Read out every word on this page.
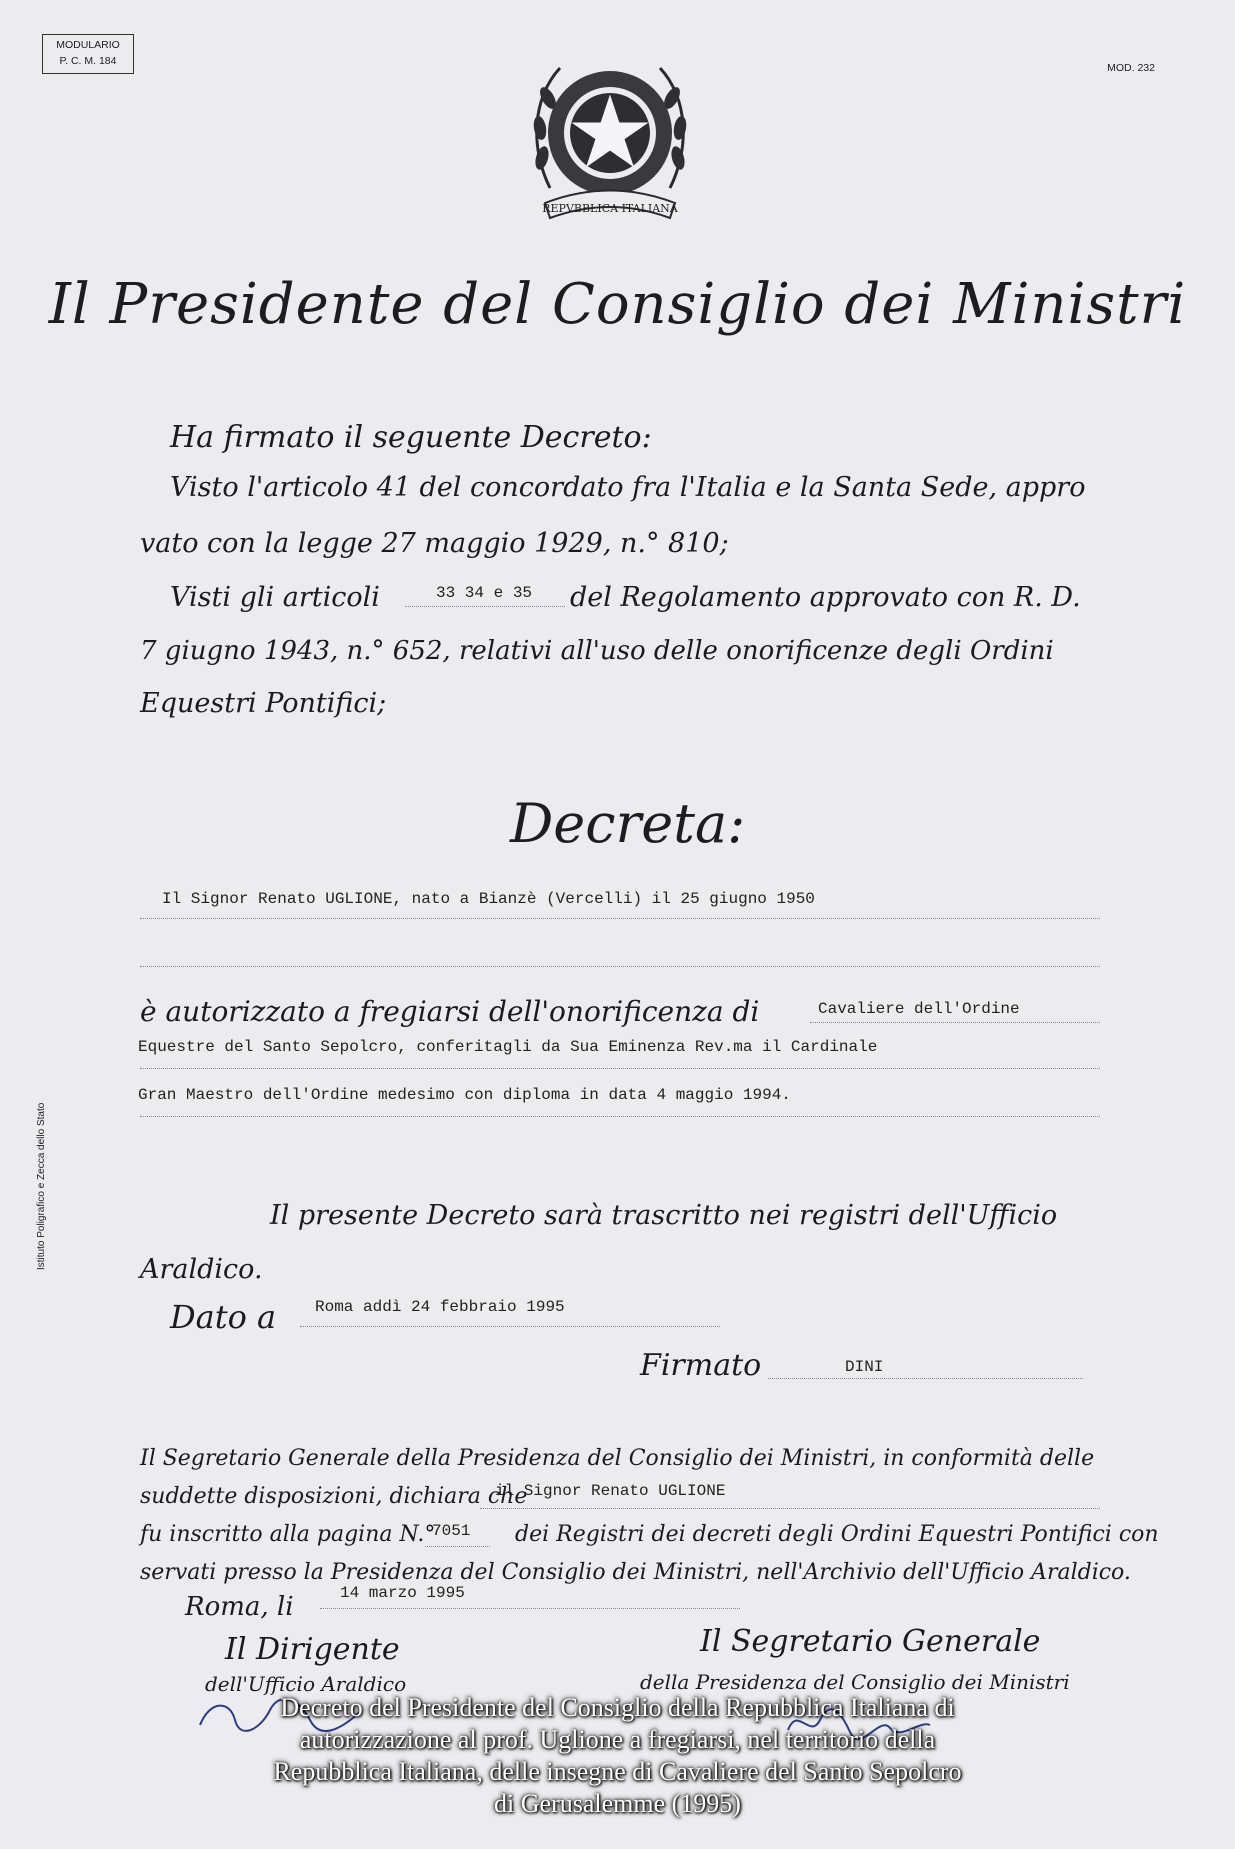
MODULARIO
P. C. M. 184
MOD. 232
REPVBBLICA ITALIANA
Istituto Poligrafico e Zecca dello Stato
Il Presidente del Consiglio dei Ministri
Ha firmato il seguente Decreto:
Visto l'articolo 41 del concordato fra l'Italia e la Santa Sede, appro
vato con la legge 27 maggio 1929, n.° 810;
Visti gli articoli	33 34 e 35 del Regolamento approvato con R. D.
7 giugno 1943, n.° 652, relativi all'uso delle onorificenze degli Ordini
Equestri Pontifici;
Decreta:
Il Signor Renato UGLIONE, nato a Bianzè (Vercelli) il 25 giugno 1950
è autorizzato a fregiarsi dell'onorificenza di	Cavaliere dell'Ordine
Equestre del Santo Sepolcro, conferitagli da Sua Eminenza Rev.ma il Cardinale
Gran Maestro dell'Ordine medesimo con diploma in data 4 maggio 1994.
Il presente Decreto sarà trascritto nei registri dell'Ufficio
Araldico.
Dato a Roma addì 24 febbraio 1995
Firmato	DINI
Il Segretario Generale della Presidenza del Consiglio dei Ministri, in conformità delle
suddette disposizioni, dichiara che
il Signor Renato UGLIONE
fu inscritto alla pagina N.°
7051 dei Registri dei decreti degli Ordini Equestri Pontifici con
servati presso la Presidenza del Consiglio dei Ministri, nell'Archivio dell'Ufficio Araldico.
Roma, li	14 marzo 1995
Il Dirigente
dell'Ufficio Araldico
Il Segretario Generale
della Presidenza del Consiglio dei Ministri
Decreto del Presidente del Consiglio della Repubblica Italiana di
autorizzazione al prof. Uglione a fregiarsi, nel territorio della
Repubblica Italiana, delle insegne di Cavaliere del Santo Sepolcro
di Gerusalemme (1995)
